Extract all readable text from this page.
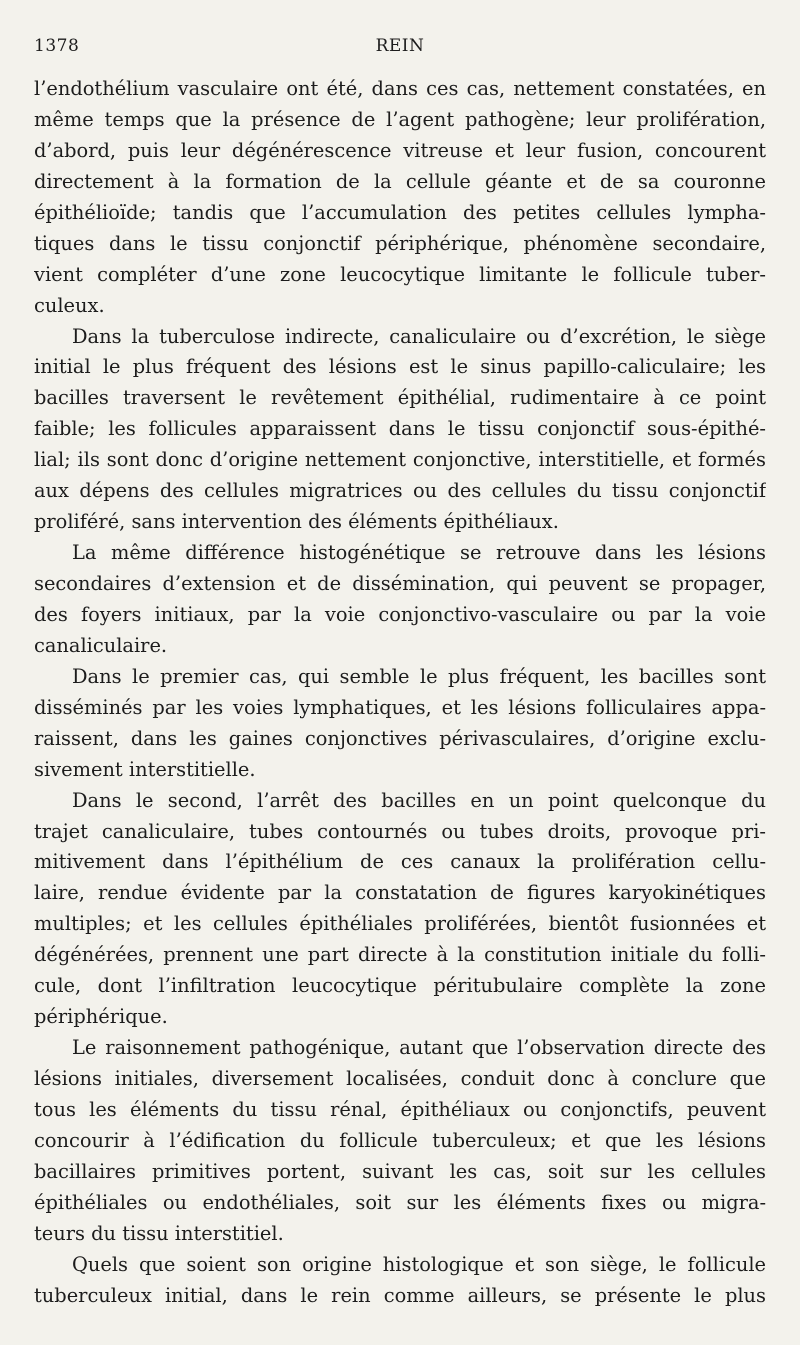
1378	REIN
l’endothélium vasculaire ont été, dans ces cas, nettement constatées, en
même temps que la présence de l’agent pathogène; leur prolifération,
d’abord, puis leur dégénérescence vitreuse et leur fusion, concourent
directement à la formation de la cellule géante et de sa couronne
épithélioïde; tandis que l’accumulation des petites cellules lympha-
tiques dans le tissu conjonctif périphérique, phénomène secondaire,
vient compléter d’une zone leucocytique limitante le follicule tuber-
culeux.
Dans la tuberculose indirecte, canaliculaire ou d’excrétion, le siège
initial le plus fréquent des lésions est le sinus papillo-caliculaire; les
bacilles traversent le revêtement épithélial, rudimentaire à ce point
faible; les follicules apparaissent dans le tissu conjonctif sous-épithé-
lial; ils sont donc d’origine nettement conjonctive, interstitielle, et formés
aux dépens des cellules migratrices ou des cellules du tissu conjonctif
proliféré, sans intervention des éléments épithéliaux.
La même différence histogénétique se retrouve dans les lésions
secondaires d’extension et de dissémination, qui peuvent se propager,
des foyers initiaux, par la voie conjonctivo-vasculaire ou par la voie
canaliculaire.
Dans le premier cas, qui semble le plus fréquent, les bacilles sont
disséminés par les voies lymphatiques, et les lésions folliculaires appa-
raissent, dans les gaines conjonctives périvasculaires, d’origine exclu-
sivement interstitielle.
Dans le second, l’arrêt des bacilles en un point quelconque du
trajet canaliculaire, tubes contournés ou tubes droits, provoque pri-
mitivement dans l’épithélium de ces canaux la prolifération cellu-
laire, rendue évidente par la constatation de figures karyokinétiques
multiples; et les cellules épithéliales proliférées, bientôt fusionnées et
dégénérées, prennent une part directe à la constitution initiale du folli-
cule, dont l’infiltration leucocytique péritubulaire complète la zone
périphérique.
Le raisonnement pathogénique, autant que l’observation directe des
lésions initiales, diversement localisées, conduit donc à conclure que
tous les éléments du tissu rénal, épithéliaux ou conjonctifs, peuvent
concourir à l’édification du follicule tuberculeux; et que les lésions
bacillaires primitives portent, suivant les cas, soit sur les cellules
épithéliales ou endothéliales, soit sur les éléments fixes ou migra-
teurs du tissu interstitiel.
Quels que soient son origine histologique et son siège, le follicule
tuberculeux initial, dans le rein comme ailleurs, se présente le plus
